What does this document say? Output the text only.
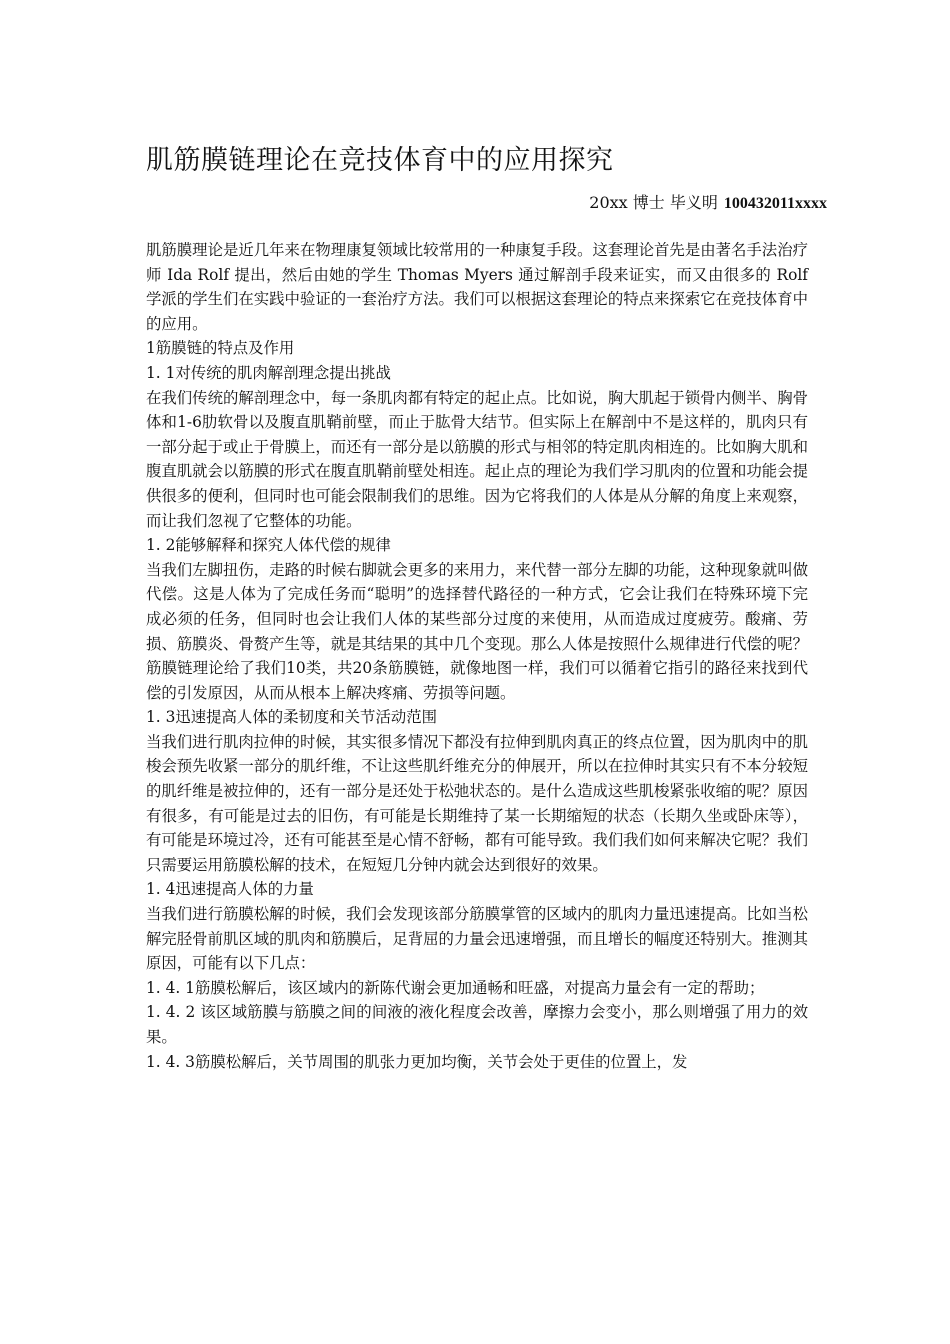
肌筋膜链理论在竞技体育中的应用探究
20xx 博士 毕义明 100432011xxxx

肌筋膜理论是近几年来在物理康复领域比较常用的一种康复手段。这套理论首先是由著名手法治疗师 Ida Rolf 提出，然后由她的学生 Thomas Myers 通过解剖手段来证实，而又由很多的 Rolf 学派的学生们在实践中验证的一套治疗方法。我们可以根据这套理论的特点来探索它在竞技体育中的应用。

1筋膜链的特点及作用

1. 1对传统的肌肉解剖理念提出挑战

在我们传统的解剖理念中，每一条肌肉都有特定的起止点。比如说，胸大肌起于锁骨内侧半、胸骨体和1-6肋软骨以及腹直肌鞘前壁，而止于肱骨大结节。但实际上在解剖中不是这样的，肌肉只有一部分起于或止于骨膜上，而还有一部分是以筋膜的形式与相邻的特定肌肉相连的。比如胸大肌和腹直肌就会以筋膜的形式在腹直肌鞘前壁处相连。起止点的理论为我们学习肌肉的位置和功能会提供很多的便利，但同时也可能会限制我们的思维。因为它将我们的人体是从分解的角度上来观察，而让我们忽视了它整体的功能。

1. 2能够解释和探究人体代偿的规律

当我们左脚扭伤，走路的时候右脚就会更多的来用力，来代替一部分左脚的功能，这种现象就叫做代偿。这是人体为了完成任务而“聪明”的选择替代路径的一种方式，它会让我们在特殊环境下完成必须的任务，但同时也会让我们人体的某些部分过度的来使用，从而造成过度疲劳。酸痛、劳损、筋膜炎、骨赘产生等，就是其结果的其中几个变现。那么人体是按照什么规律进行代偿的呢？筋膜链理论给了我们10类，共20条筋膜链，就像地图一样，我们可以循着它指引的路径来找到代偿的引发原因，从而从根本上解决疼痛、劳损等问题。

1. 3迅速提高人体的柔韧度和关节活动范围

当我们进行肌肉拉伸的时候，其实很多情况下都没有拉伸到肌肉真正的终点位置，因为肌肉中的肌梭会预先收紧一部分的肌纤维，不让这些肌纤维充分的伸展开，所以在拉伸时其实只有不本分较短的肌纤维是被拉伸的，还有一部分是还处于松弛状态的。是什么造成这些肌梭紧张收缩的呢？原因有很多，有可能是过去的旧伤，有可能是长期维持了某一长期缩短的状态（长期久坐或卧床等），有可能是环境过冷，还有可能甚至是心情不舒畅，都有可能导致。我们我们如何来解决它呢？我们只需要运用筋膜松解的技术，在短短几分钟内就会达到很好的效果。

1. 4迅速提高人体的力量

当我们进行筋膜松解的时候，我们会发现该部分筋膜掌管的区域内的肌肉力量迅速提高。比如当松解完胫骨前肌区域的肌肉和筋膜后，足背屈的力量会迅速增强，而且增长的幅度还特别大。推测其原因，可能有以下几点：

1. 4. 1筋膜松解后，该区域内的新陈代谢会更加通畅和旺盛，对提高力量会有一定的帮助；

1. 4. 2 该区域筋膜与筋膜之间的间液的液化程度会改善，摩擦力会变小，那么则增强了用力的效果。

1. 4. 3筋膜松解后，关节周围的肌张力更加均衡，关节会处于更佳的位置上，发
